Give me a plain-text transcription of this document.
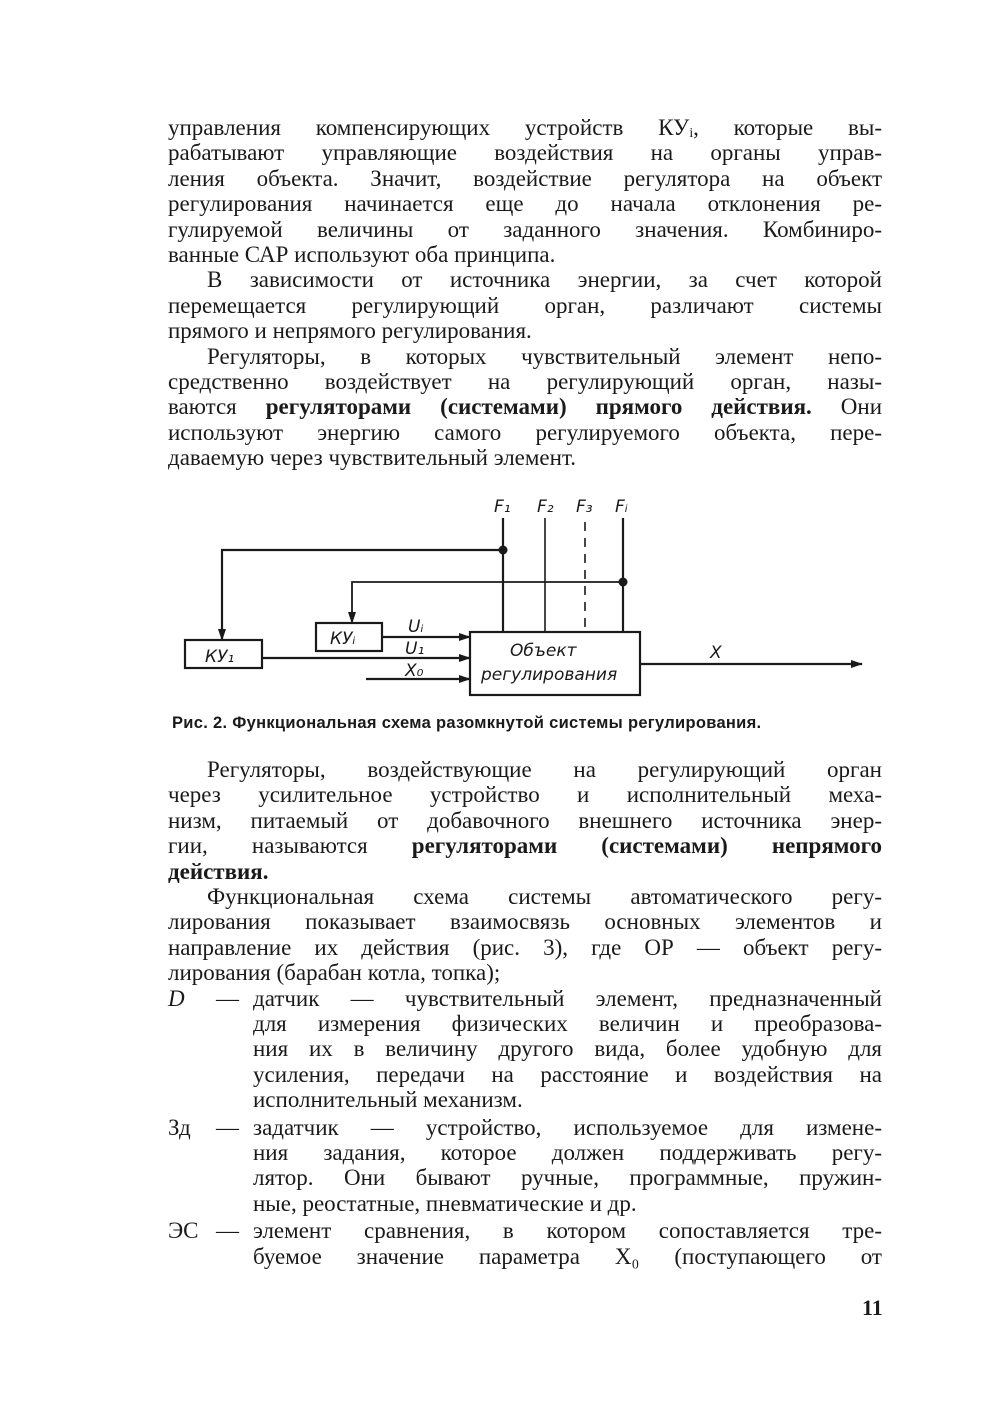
управления компенсирующих устройств КУᵢ, которые вы-
рабатывают управляющие воздействия на органы управ-
ления объекта. Значит, воздействие регулятора на объект
регулирования начинается еще до начала отклонения ре-
гулируемой величины от заданного значения. Комбиниро-
ванные САР используют оба принципа.
В зависимости от источника энергии, за счет которой
перемещается регулирующий орган, различают системы
прямого и непрямого регулирования.
Регуляторы, в которых чувствительный элемент непо-
средственно воздействует на регулирующий орган, назы-
ваются регуляторами (системами) прямого действия. Они
используют энергию самого регулируемого объекта, пере-
даваемую через чувствительный элемент.
Регуляторы, воздействующие на регулирующий орган
через усилительное устройство и исполнительный меха-
низм, питаемый от добавочного внешнего источника энер-
гии, называются регуляторами (системами) непрямого
действия.
Функциональная схема системы автоматического регу-
лирования показывает взаимосвязь основных элементов и
направление их действия (рис. 3), где ОР — объект регу-
лирования (барабан котла, топка);
D — датчик — чувствительный элемент, предназначенный
для измерения физических величин и преобразова-
ния их в величину другого вида, более удобную для
усиления, передачи на расстояние и воздействия на
исполнительный механизм.
Зд — задатчик — устройство, используемое для измене-
ния задания, которое должен поддерживать регу-
лятор. Они бывают ручные, программные, пружин-
ные, реостатные, пневматические и др.
ЭС — элемент сравнения, в котором сопоставляется тре-
буемое значение параметра X₀ (поступающего от
КУ₁
КУᵢ
Объект
регулирования
F₁ F₂ F₃ Fᵢ
Uᵢ
U₁
X₀
X
Рис. 2. Функциональная схема разомкнутой системы регулирования.
11
